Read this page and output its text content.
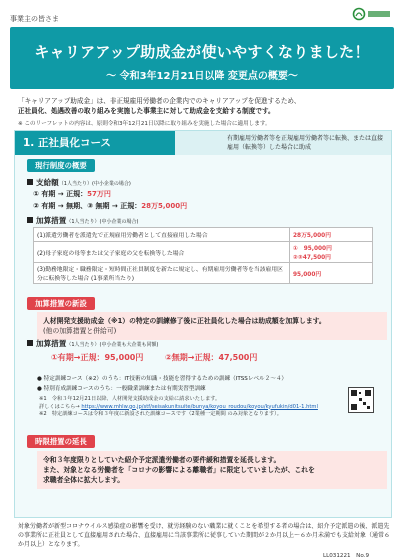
事業主の皆さま
キャリアアップ助成金が使いやすくなりました！
～ 令和3年12月21日以降 変更点の概要～
「キャリアアップ助成金」は、非正規雇用労働者の企業内でのキャリアアップを促進するため、
正社員化、処遇改善の取り組みを実施した事業主に対して助成金を支給する制度です。
※ このリーフレットの内容は、原則令和3年12月21日以降に取り組みを実施した場合に適用します。
1. 正社員化コース	有期雇用労働者等を正規雇用労働者等に転換、または直接雇用（転換等）した場合に助成
現行制度の概要
支給額（1人当たり）(中小企業の場合)
① 有期 → 正規：57万円
② 有期 → 無期、③ 無期 → 正規：28万5,000円
加算措置（1人当たり）(中小企業の場合)
(1)派遣労働者を派遣先で正規雇用労働者として直接雇用した場合	28万5,000円
(2)母子家庭の母等または父子家庭の父を転換等した場合	①　95,000円
②③47,500円
(3)勤務地限定・職務限定・短時間正社員制度を新たに規定し、有期雇用労働者等を当該雇用区分に転換等した場合 (1事業所当たり)	95,000円
加算措置の新設
人材開発支援助成金（※1）の特定の訓練修了後に正社員化した場合は助成額を加算します。
(他の加算措置と併給可)
加算措置（1人当たり）(中小企業も大企業も同額)
①有期→正規：95,000円	②無期→正規：47,500円
● 特定訓練コース（※2）のうち：IT技術の知識・技能を習得するための訓練（ITSSレベル２～４）
● 特別育成訓練コースのうち：一般職業訓練または有期実習型訓練
※1　令和３年12月21日以降、人材開発支援助成金の支給に請求いたします。
詳しくはこちら→ https://www.mhlw.go.jp/stf/seisakunitsuite/bunya/koyou_roudou/koyou/kyufukin/d01-1.html
※2　特定訓練コースは令和３年度に新設された訓練コースです（2業種一定期間 のみ対象となります）。
時限措置の延長
令和３年度限りとしていた紹介予定派遣労働者の要件緩和措置を延長します。
また、対象となる労働者を「コロナの影響による離職者」に限定していましたが、これを
求職者全体に拡大します。
対象労働者が新型コロナウイルス感染症の影響を受け、就労経験のない職業に就くことを希望する者の場合は、紹介予定派遣の後、派遣先の事業所に正社員として直接雇用された場合、直接雇用に当該事業所に従事していた期間が２か月以上～６か月未満でも支給対象（通常６か月以上）となります。
LL031221　No.9
